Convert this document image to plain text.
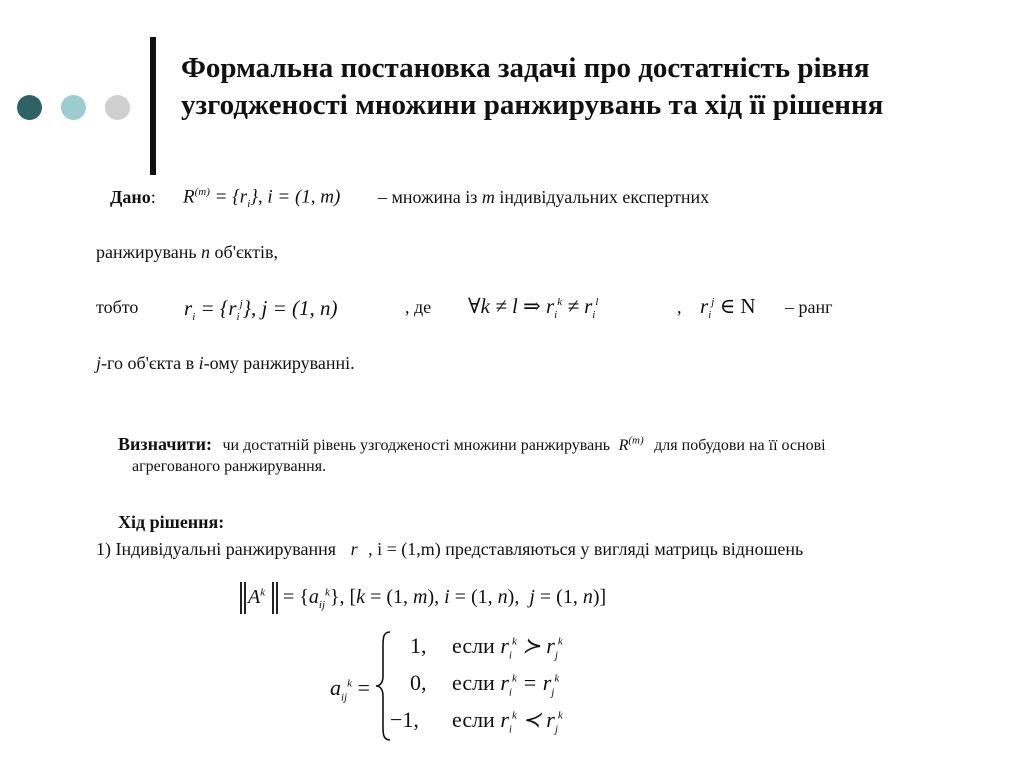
Формальна постановка задачі про достатність рівня узгодженості множини ранжирувань та хід її рішення
Дано: $R^{(m)} = \{r_i\}$, i = (1, m) – множина із m індивідуальних експертних
ранжирувань n об'єктів,
тобто $r_i = \{r_i^j\}$, j = (1, n)	, де ∀k ≠ l ⇒ $r_i^k \ne r_i^l$	, $r_i^j$ ∈ N – ранг
j-го об'єкта в i-ому ранжируванні.
Визначити: чи достатній рівень узгодженості множини ранжирувань $R^{(m)}$ для побудови на її основі
агрегованого ранжирування.
Хід рішення:
1) Індивідуальні ранжирування r , i = (1,m) представляються у вигляді матриць відношень
$A^k = \{a_{ij}^k\}$, [k = (1, m), i = (1, n),  j = (1, n)]
$a_{ij}^k$ =
1, если $r_i^k$ ≻ $r_j^k$
0, если $r_i^k = r_j^k$
−1, если $r_i^k$ ≺ $r_j^k$
